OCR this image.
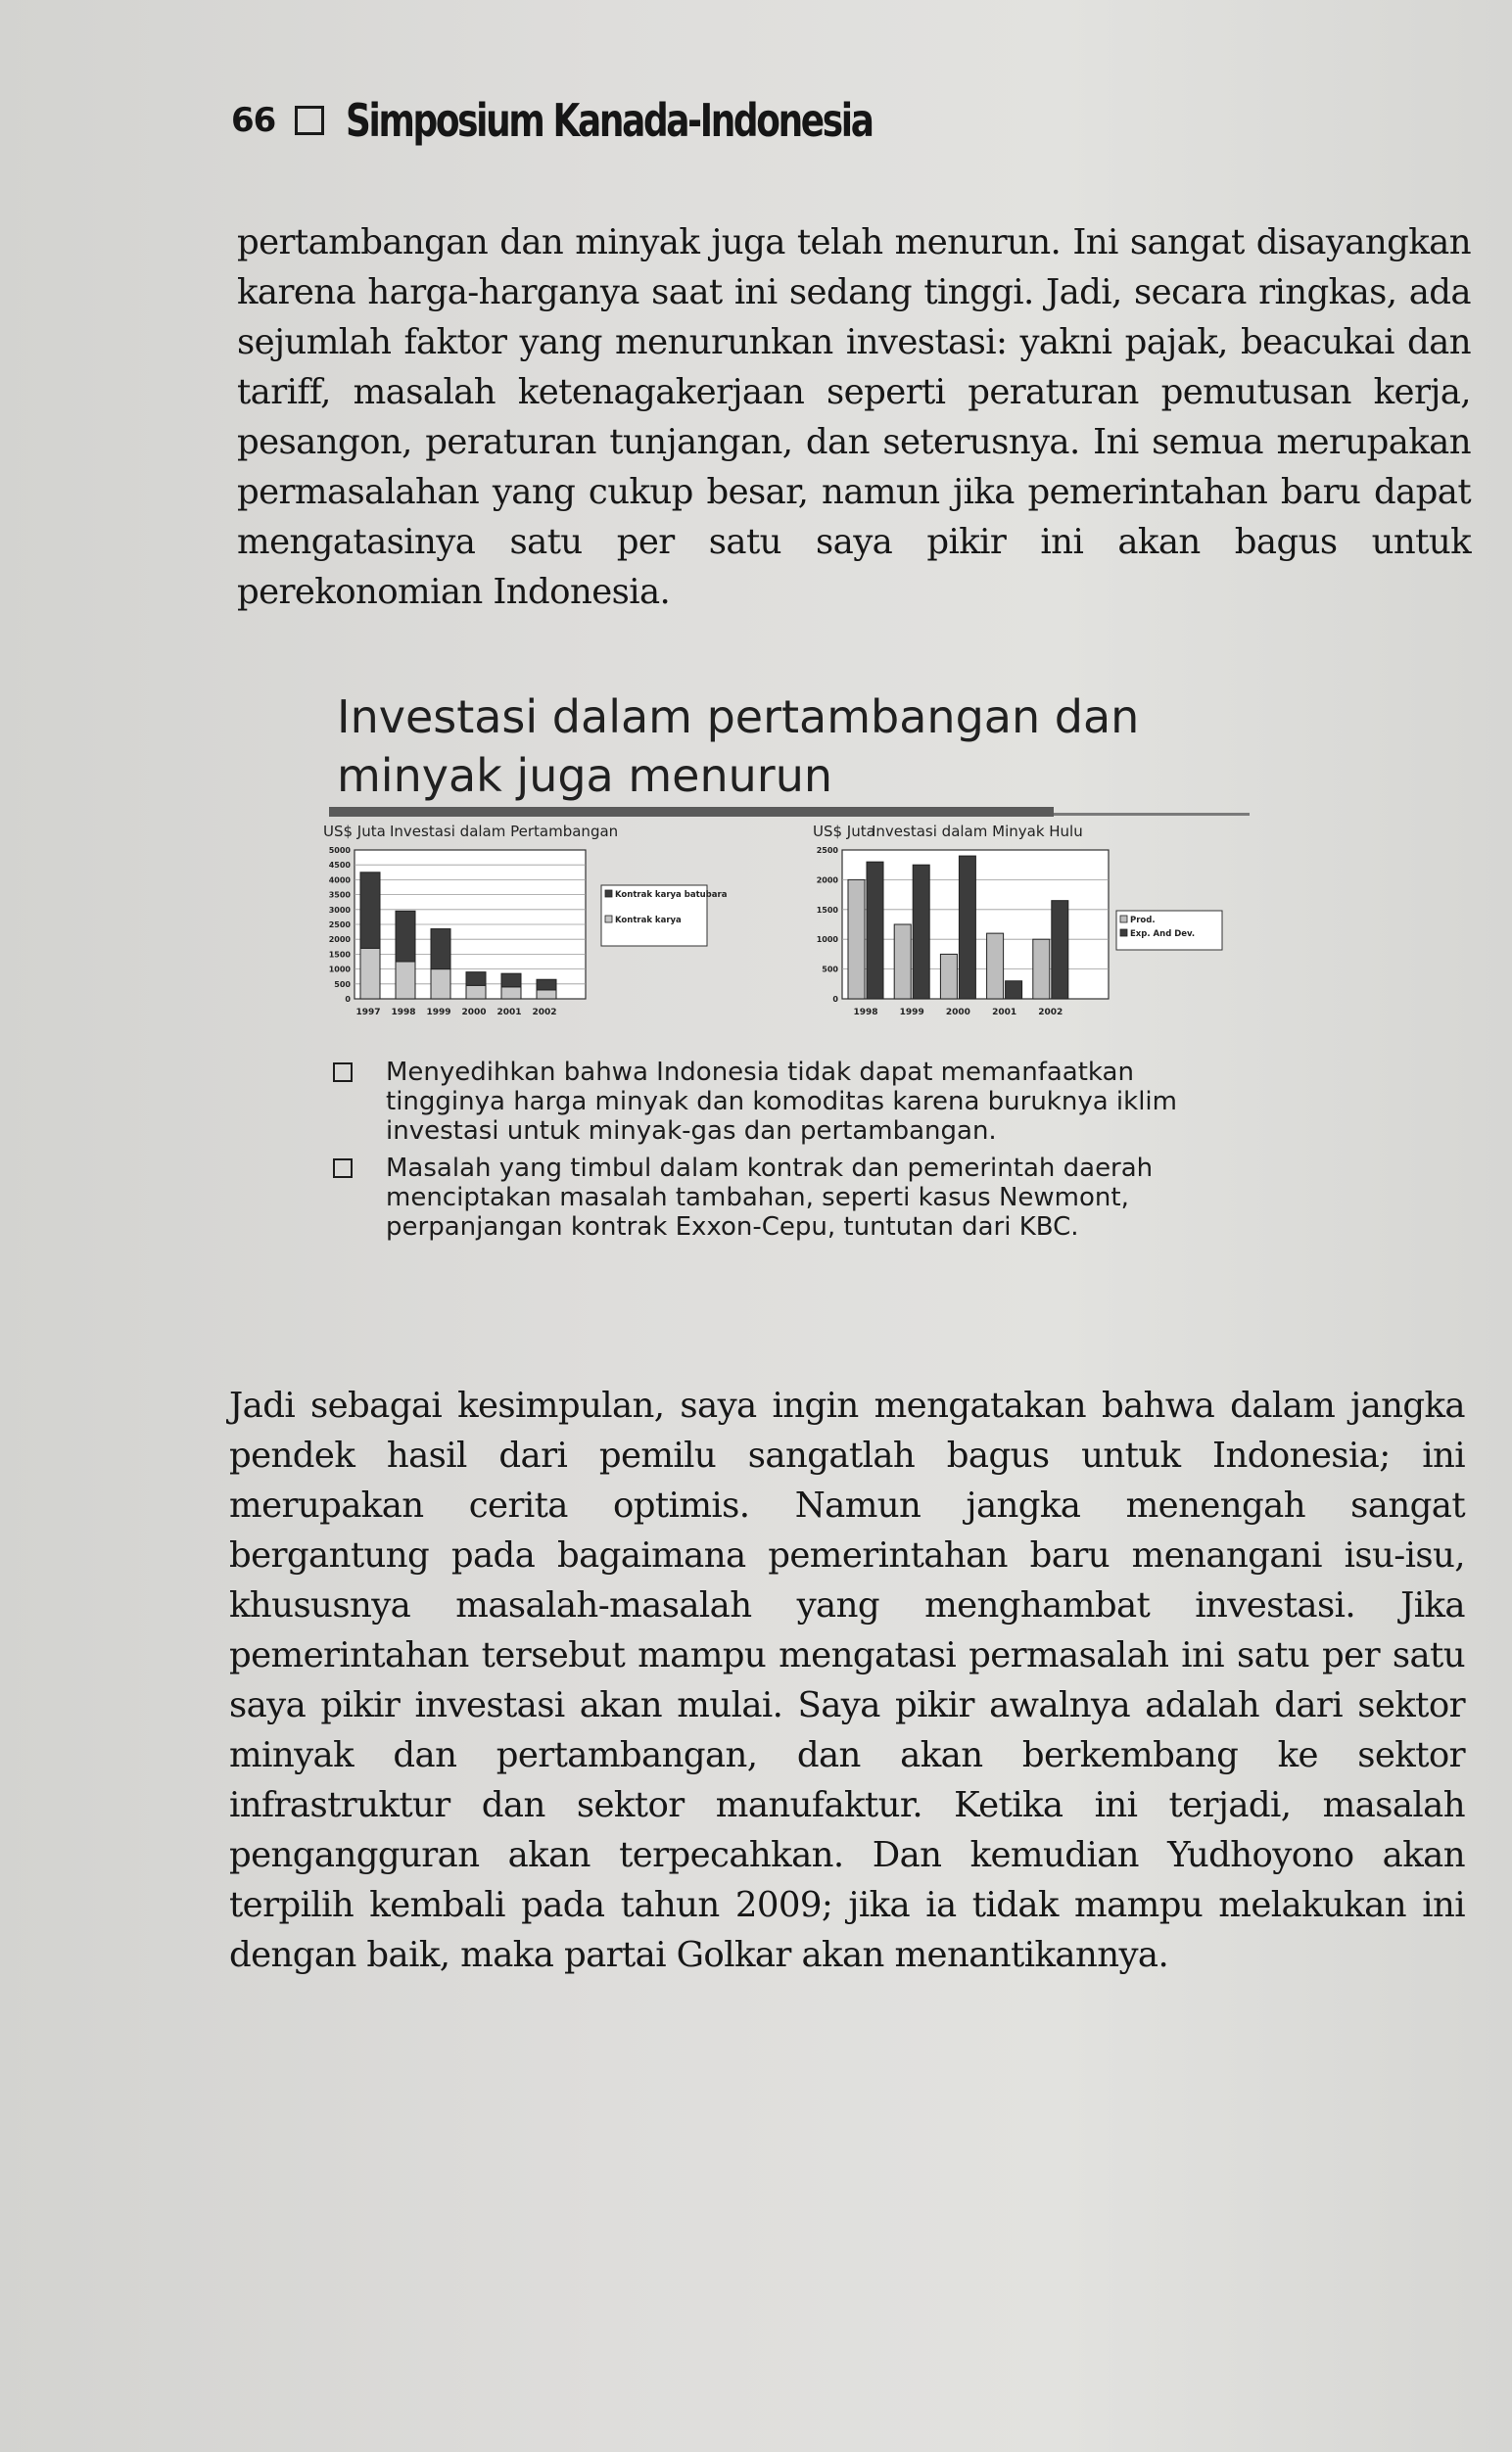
66 Simposium Kanada-Indonesia
pertambangan dan minyak juga telah menurun. Ini sangat disayangkan karena harga-harganya saat ini sedang tinggi. Jadi, secara ringkas, ada sejumlah faktor yang menurunkan investasi: yakni pajak, beacukai dan tariff, masalah ketenagakerjaan seperti peraturan pemutusan kerja, pesangon, peraturan tunjangan, dan seterusnya. Ini semua merupakan permasalahan yang cukup besar, namun jika pemerintahan baru dapat mengatasinya satu per satu saya pikir ini akan bagus untuk perekonomian Indonesia.
Investasi dalam pertambangan dan minyak juga menurun
US$ Juta Investasi dalam Pertambangan
0
500
1000
1500
2000
2500
3000
3500
4000
4500
5000
1997 1998 1999 2000 2001 2002
Kontrak karya batubara
Kontrak karya
US$ Juta
Investasi dalam Minyak Hulu
0
500
1000
1500
2000
2500
1998 1999 2000 2001 2002
Prod.
Exp. And Dev.
Menyedihkan bahwa Indonesia tidak dapat memanfaatkan tingginya harga minyak dan komoditas karena buruknya iklim investasi untuk minyak-gas dan pertambangan.
Masalah yang timbul dalam kontrak dan pemerintah daerah menciptakan masalah tambahan, seperti kasus Newmont, perpanjangan kontrak Exxon-Cepu, tuntutan dari KBC.
Jadi sebagai kesimpulan, saya ingin mengatakan bahwa dalam jangka pendek hasil dari pemilu sangatlah bagus untuk Indonesia; ini merupakan cerita optimis. Namun jangka menengah sangat bergantung pada bagaimana pemerintahan baru menangani isu-isu, khususnya masalah-masalah yang menghambat investasi. Jika pemerintahan tersebut mampu mengatasi permasalah ini satu per satu saya pikir investasi akan mulai. Saya pikir awalnya adalah dari sektor minyak dan pertambangan, dan akan berkembang ke sektor infrastruktur dan sektor manufaktur. Ketika ini terjadi, masalah pengangguran akan terpecahkan. Dan kemudian Yudhoyono akan terpilih kembali pada tahun 2009; jika ia tidak mampu melakukan ini dengan baik, maka partai Golkar akan menantikannya.
